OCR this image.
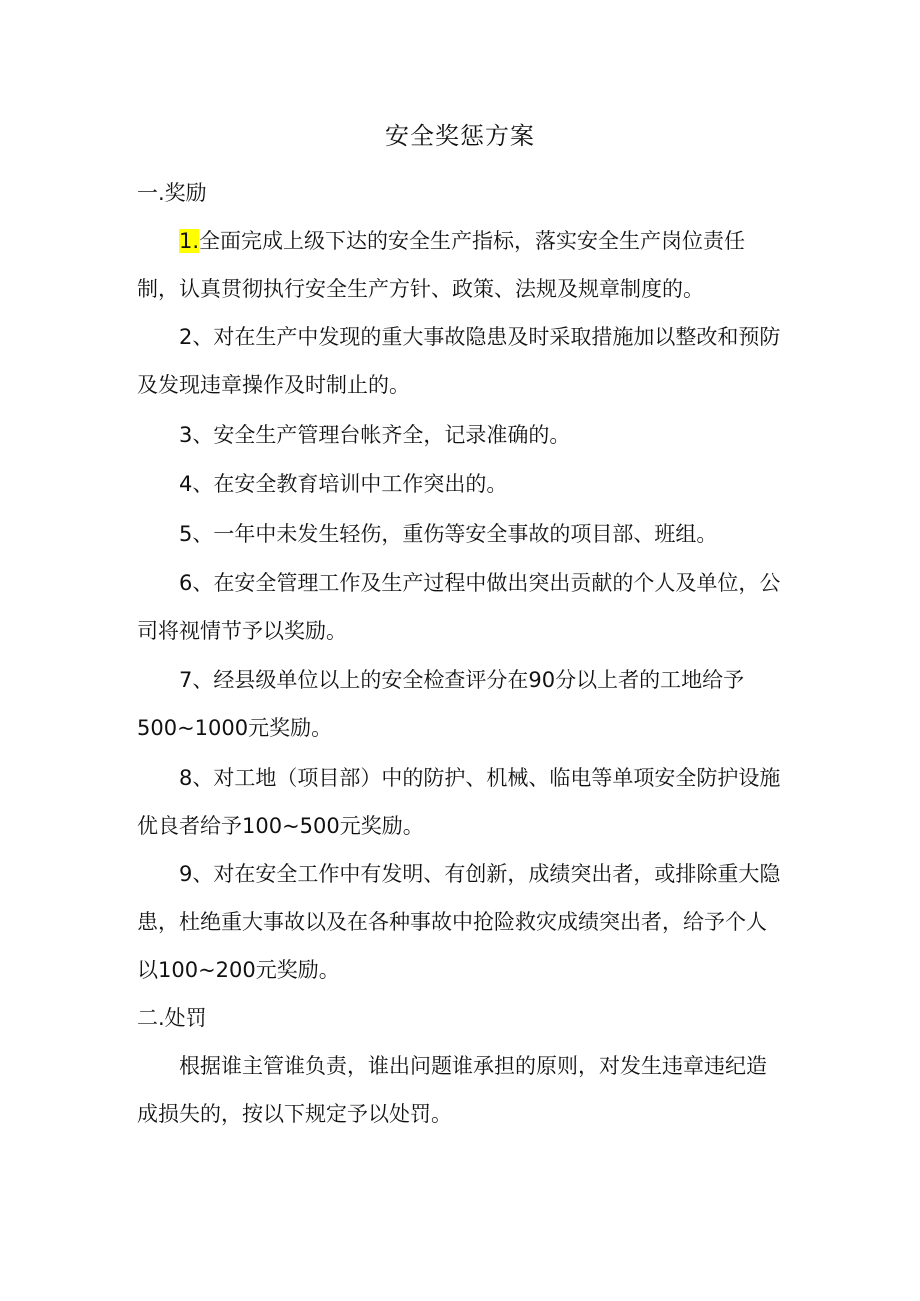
安全奖惩方案
一.奖励

1.全面完成上级下达的安全生产指标，落实安全生产岗位责任制，认真贯彻执行安全生产方针、政策、法规及规章制度的。

2、对在生产中发现的重大事故隐患及时采取措施加以整改和预防及发现违章操作及时制止的。

3、安全生产管理台帐齐全，记录准确的。

4、在安全教育培训中工作突出的。

5、一年中未发生轻伤，重伤等安全事故的项目部、班组。

6、在安全管理工作及生产过程中做出突出贡献的个人及单位，公司将视情节予以奖励。

7、经县级单位以上的安全检查评分在90分以上者的工地给予500~1000元奖励。

8、对工地（项目部）中的防护、机械、临电等单项安全防护设施优良者给予100~500元奖励。

9、对在安全工作中有发明、有创新，成绩突出者，或排除重大隐患，杜绝重大事故以及在各种事故中抢险救灾成绩突出者，给予个人以100~200元奖励。

二.处罚

根据谁主管谁负责，谁出问题谁承担的原则，对发生违章违纪造成损失的，按以下规定予以处罚。
